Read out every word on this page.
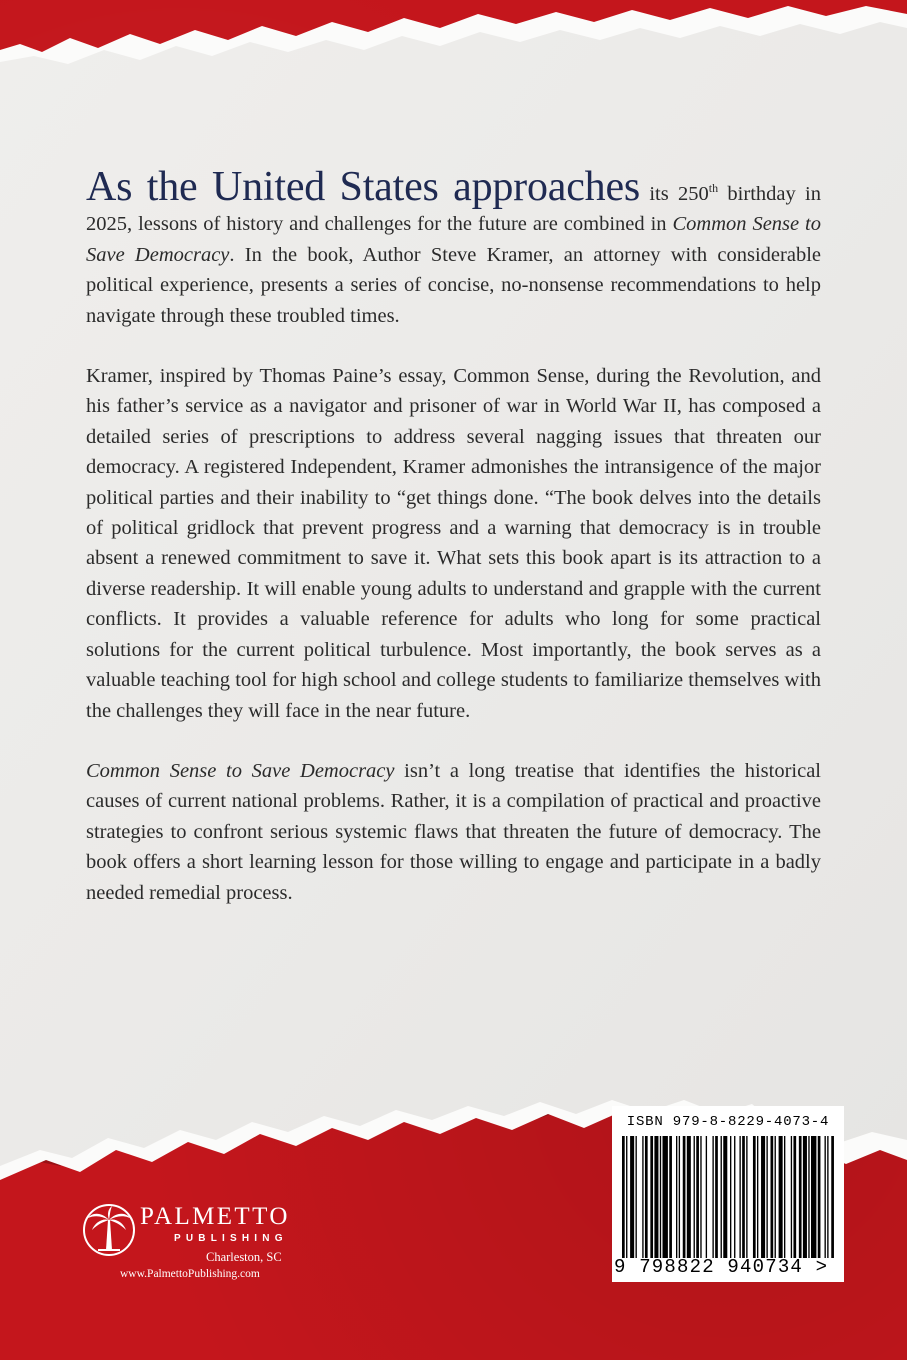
As the United States approaches its 250th birthday in 2025, lessons of history and challenges for the future are combined in Common Sense to Save Democracy. In the book, Author Steve Kramer, an attorney with considerable political experience, presents a series of concise, no-nonsense recommendations to help navigate through these troubled times.

Kramer, inspired by Thomas Paine’s essay, Common Sense, during the Revolution, and his father’s service as a navigator and prisoner of war in World War II, has composed a detailed series of prescriptions to address several nagging issues that threaten our democracy. A registered Independent, Kramer admonishes the intransigence of the major political parties and their inability to “get things done. “The book delves into the details of political gridlock that prevent progress and a warning that democracy is in trouble absent a renewed commitment to save it. What sets this book apart is its attraction to a diverse readership. It will enable young adults to understand and grapple with the current conflicts. It provides a valuable reference for adults who long for some practical solutions for the current political turbulence. Most importantly, the book serves as a valuable teaching tool for high school and college students to familiarize themselves with the challenges they will face in the near future.

Common Sense to Save Democracy isn’t a long treatise that identifies the historical causes of current national problems. Rather, it is a compilation of practical and proactive strategies to confront serious systemic flaws that threaten the future of democracy. The book offers a short learning lesson for those willing to engage and participate in a badly needed remedial process.

ISBN 979-8-8229-4073-4
9 798822 940734 >
PALMETTO
PUBLISHING
Charleston, SC
www.PalmettoPublishing.com
